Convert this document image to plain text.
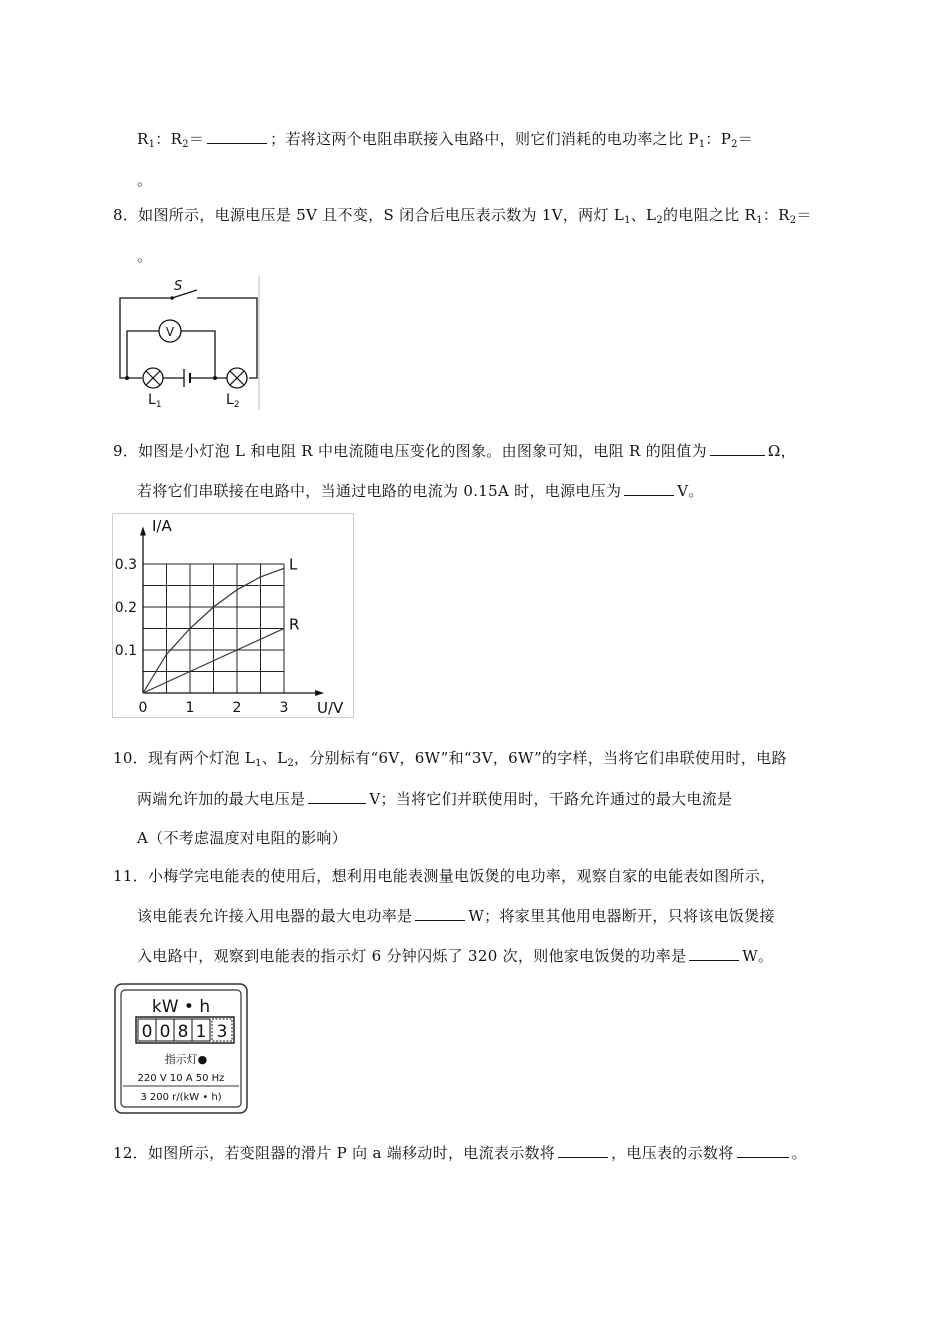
$R_1$：$R_2=$	；若将这两个电阻串联接入电路中，则它们消耗的电功率之比 $P_1$：$P_2=$
。
8．如图所示，电源电压是 5V 且不变，S 闭合后电压表示数为 1V，两灯 $L_1$、$L_2$的电阻之比 $R_1$：$R_2=$
。
S
V
$L_1$	$L_2$
9．如图是小灯泡 L 和电阻 R 中电流随电压变化的图象。由图象可知，电阻 R 的阻值为	Ω，
若将它们串联接在电路中，当通过电路的电流为 0.15A 时，电源电压为	V。
0	1	2	3
0.1
0.2
0.3	L
R
I/A
U/V
10．现有两个灯泡 $L_1$、$L_2$，分别标有“6V，6W”和“3V，6W”的字样，当将它们串联使用时，电路
两端允许加的最大电压是	V；当将它们并联使用时，干路允许通过的最大电流是
A（不考虑温度对电阻的影响）
11．小梅学完电能表的使用后，想利用电能表测量电饭煲的电功率，观察自家的电能表如图所示，
该电能表允许接入用电器的最大电功率是	W；将家里其他用电器断开，只将该电饭煲接
入电路中，观察到电能表的指示灯 6 分钟闪烁了 320 次，则他家电饭煲的功率是	W。
kW • h
0 0 8 1 3
指示灯●
220 V 10 A 50 Hz
3 200 r/(kW • h)
12．如图所示，若变阻器的滑片 P 向 a 端移动时，电流表示数将	，电压表的示数将	。
